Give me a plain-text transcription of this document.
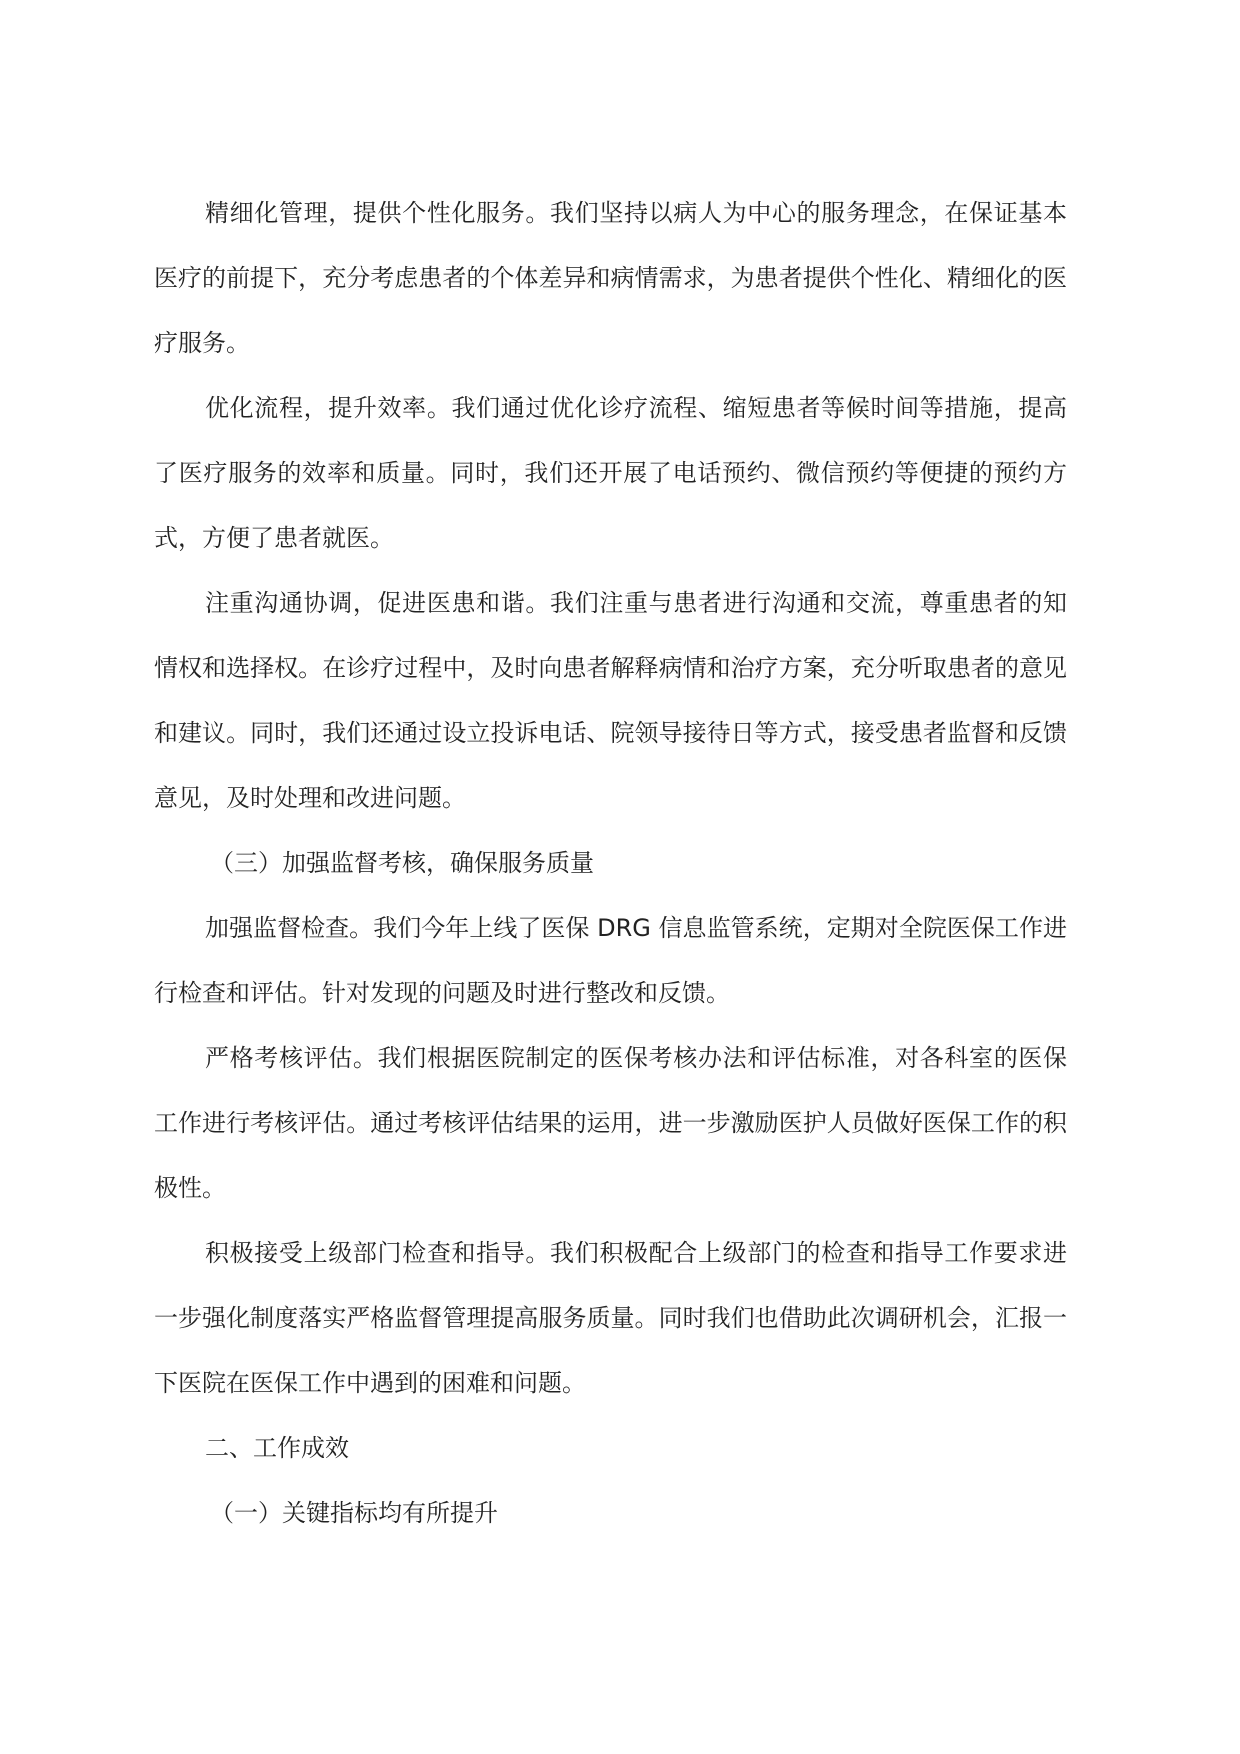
精细化管理，提供个性化服务。我们坚持以病人为中心的服务理念，在保证基本医疗的前提下，充分考虑患者的个体差异和病情需求，为患者提供个性化、精细化的医疗服务。

优化流程，提升效率。我们通过优化诊疗流程、缩短患者等候时间等措施，提高了医疗服务的效率和质量。同时，我们还开展了电话预约、微信预约等便捷的预约方式，方便了患者就医。

注重沟通协调，促进医患和谐。我们注重与患者进行沟通和交流，尊重患者的知情权和选择权。在诊疗过程中，及时向患者解释病情和治疗方案，充分听取患者的意见和建议。同时，我们还通过设立投诉电话、院领导接待日等方式，接受患者监督和反馈意见，及时处理和改进问题。

（三）加强监督考核，确保服务质量

加强监督检查。我们今年上线了医保 DRG 信息监管系统，定期对全院医保工作进行检查和评估。针对发现的问题及时进行整改和反馈。

严格考核评估。我们根据医院制定的医保考核办法和评估标准，对各科室的医保工作进行考核评估。通过考核评估结果的运用，进一步激励医护人员做好医保工作的积极性。

积极接受上级部门检查和指导。我们积极配合上级部门的检查和指导工作要求进一步强化制度落实严格监督管理提高服务质量。同时我们也借助此次调研机会，汇报一下医院在医保工作中遇到的困难和问题。

二、工作成效

（一）关键指标均有所提升
